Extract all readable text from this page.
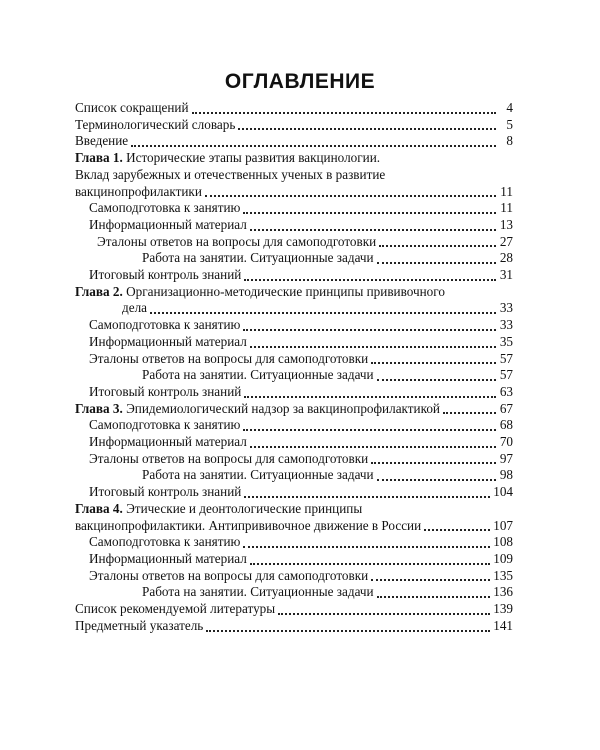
ОГЛАВЛЕНИЕ
Список сокращений	4
Терминологический словарь	5
Введение	8
Глава 1. Исторические этапы развития вакцинологии.
Вклад зарубежных и отечественных ученых в развитие
вакцинопрофилактики	11
Самоподготовка к занятию	11
Информационный материал	13
Эталоны ответов на вопросы для самоподготовки	27
Работа на занятии. Ситуационные задачи	28
Итоговый контроль знаний	31
Глава 2. Организационно-методические принципы прививочного
дела	33
Самоподготовка к занятию	33
Информационный материал	35
Эталоны ответов на вопросы для самоподготовки	57
Работа на занятии. Ситуационные задачи	57
Итоговый контроль знаний	63
Глава 3. Эпидемиологический надзор за вакцинопрофилактикой	67
Самоподготовка к занятию	68
Информационный материал	70
Эталоны ответов на вопросы для самоподготовки	97
Работа на занятии. Ситуационные задачи	98
Итоговый контроль знаний	104
Глава 4. Этические и деонтологические принципы
вакцинопрофилактики. Антипрививочное движение в России	107
Самоподготовка к занятию	108
Информационный материал	109
Эталоны ответов на вопросы для самоподготовки	135
Работа на занятии. Ситуационные задачи	136
Список рекомендуемой литературы	139
Предметный указатель	141
